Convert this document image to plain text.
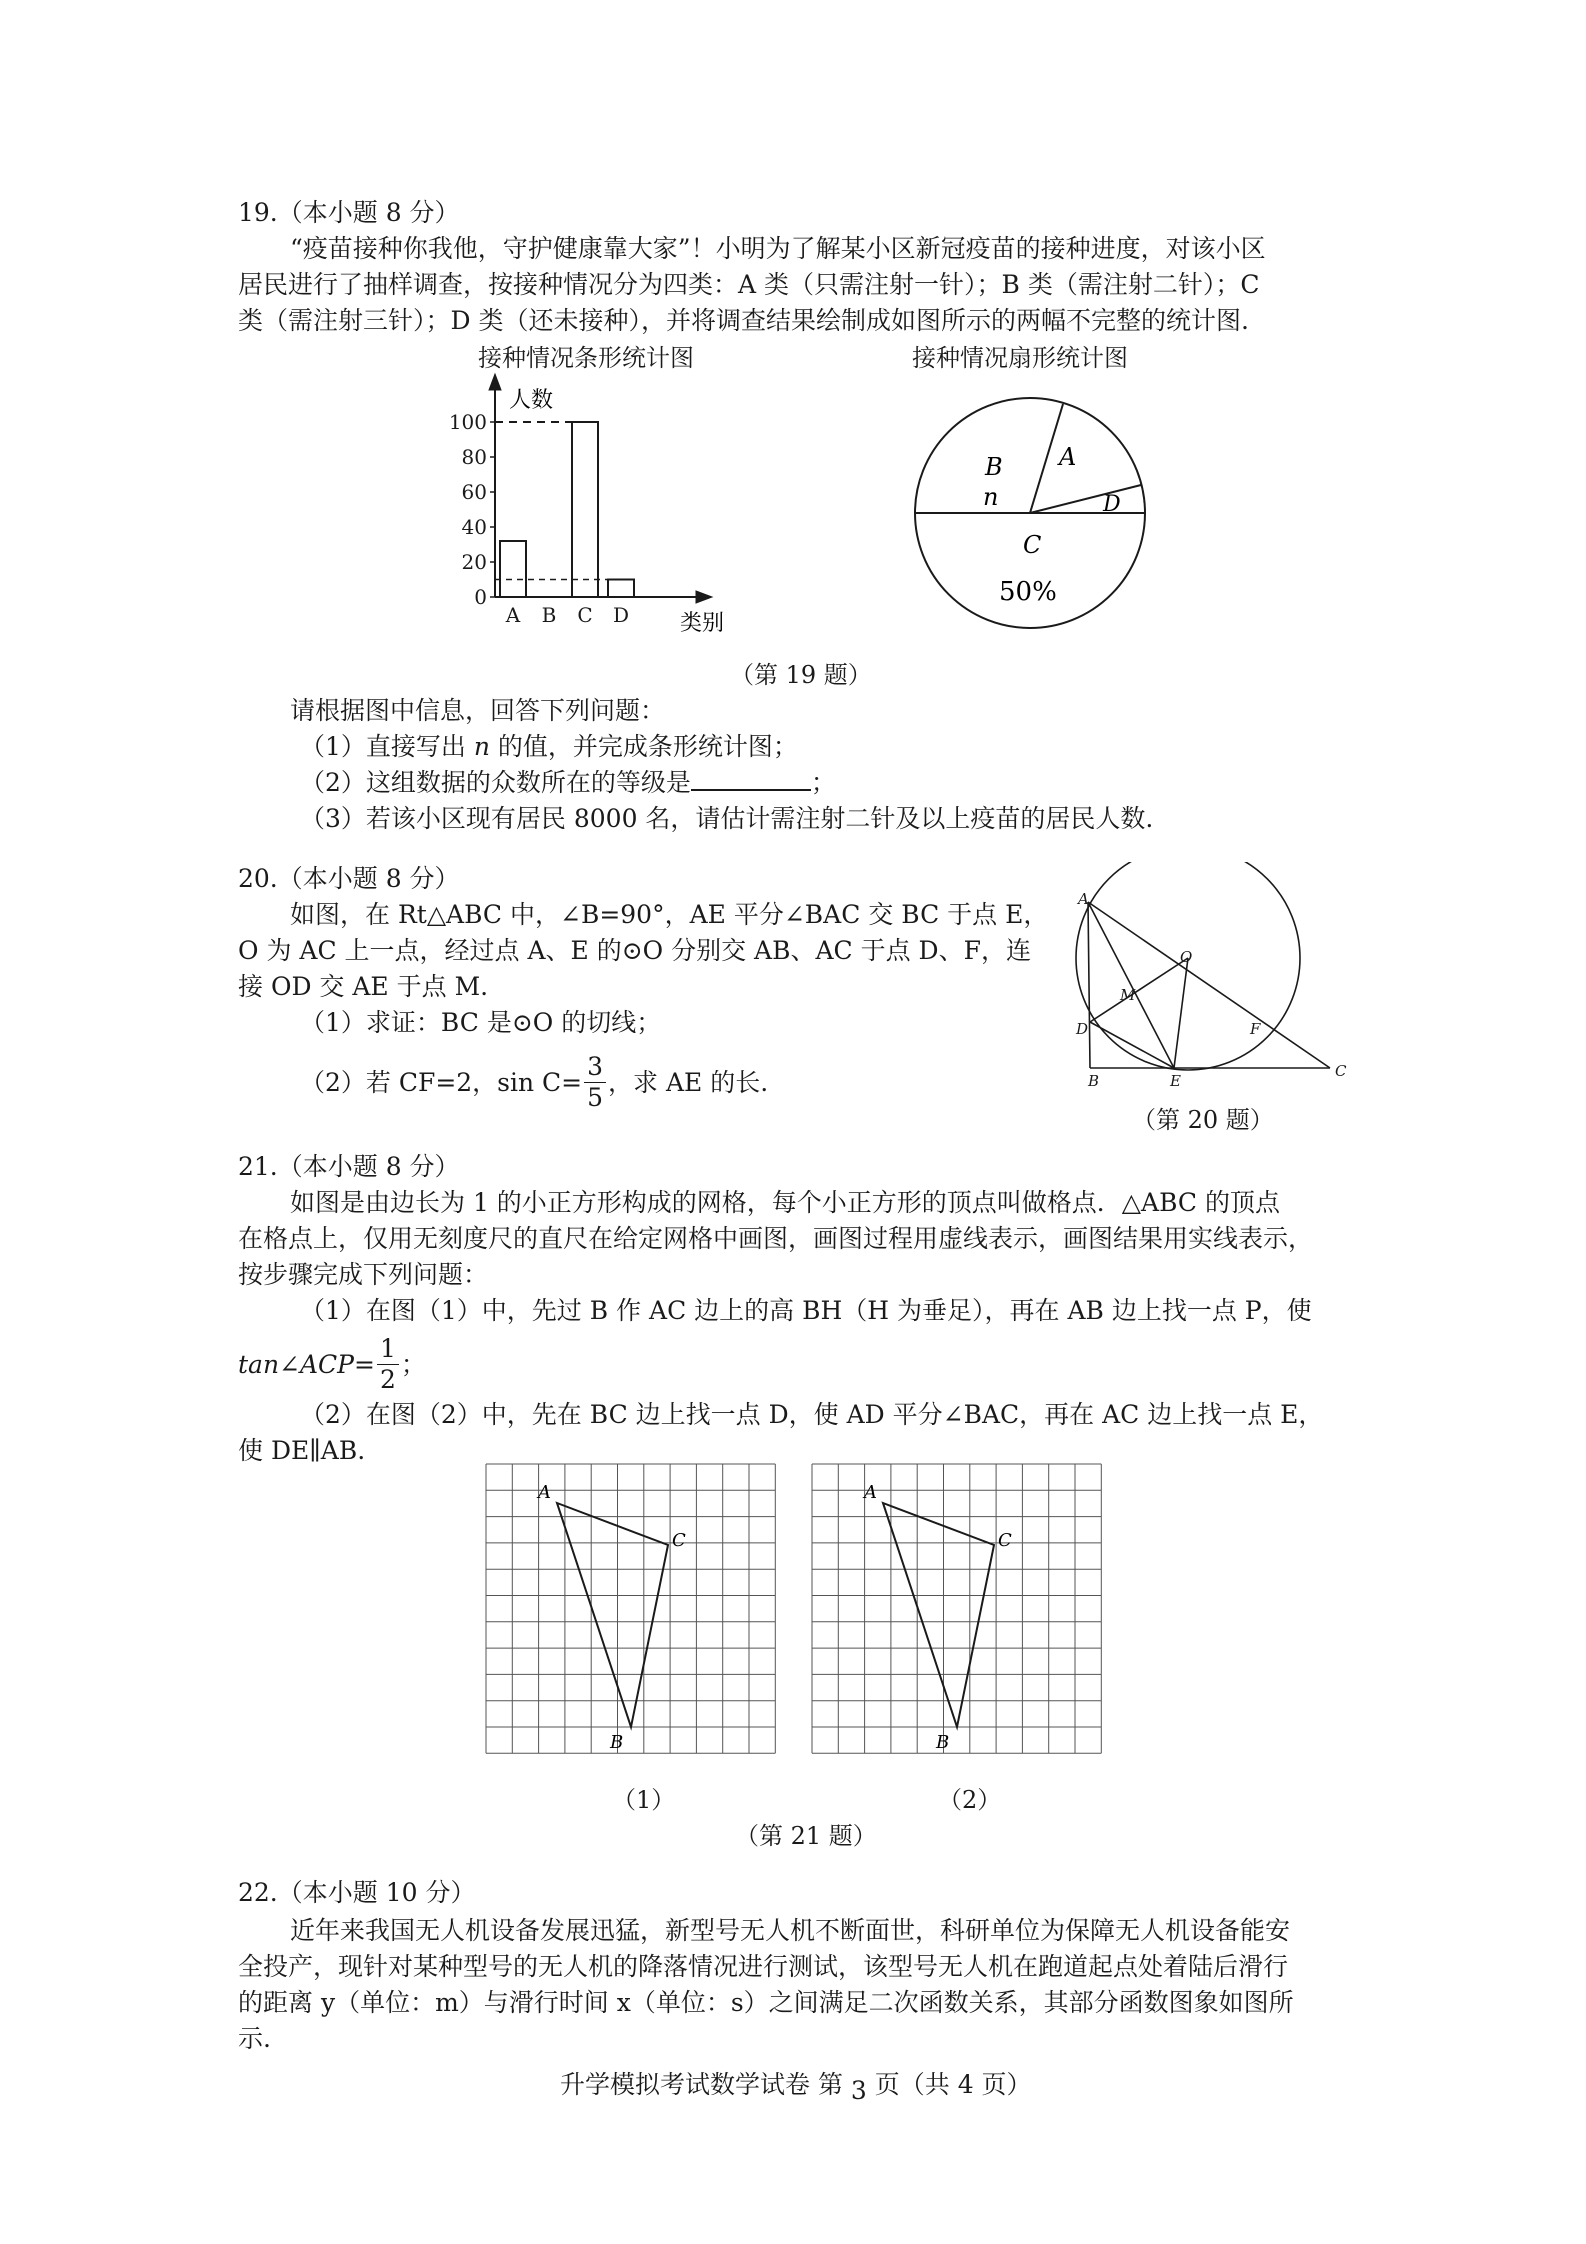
19.（本小题 8 分）
“疫苗接种你我他，守护健康靠大家”！小明为了解某小区新冠疫苗的接种进度，对该小区
居民进行了抽样调查，按接种情况分为四类：A 类（只需注射一针）；B 类（需注射二针）；C
类（需注射三针）；D 类（还未接种），并将调查结果绘制成如图所示的两幅不完整的统计图.
接种情况条形统计图	接种情况扇形统计图
人数
类别
0
20
40
60
80
100
A B C D
B
n
A
D
C
50%
（第 19 题）
请根据图中信息，回答下列问题：
（1）直接写出 n 的值，并完成条形统计图；
（2）这组数据的众数所在的等级是	；
（3）若该小区现有居民 8000 名，请估计需注射二针及以上疫苗的居民人数.
20.（本小题 8 分）
如图，在 Rt△ABC 中，∠B=90°，AE 平分∠BAC 交 BC 于点 E，
O 为 AC 上一点，经过点 A、E 的⊙O 分别交 AB、AC 于点 D、F，连
接 OD 交 AE 于点 M.
（1）求证：BC 是⊙O 的切线；
（2）若 CF=2，$\sin C= \frac{3}{5}$ ，求 AE 的长.
A
O
M
D	F
B	E
C
（第 20 题）
21.（本小题 8 分）
如图是由边长为 1 的小正方形构成的网格，每个小正方形的顶点叫做格点．△ABC 的顶点
在格点上，仅用无刻度尺的直尺在给定网格中画图，画图过程用虚线表示，画图结果用实线表示，
按步骤完成下列问题：
（1）在图（1）中，先过 B 作 AC 边上的高 BH（H 为垂足），再在 AB 边上找一点 P，使
tan∠ACP= $\frac{1}{2}$ ；
（2）在图（2）中，先在 BC 边上找一点 D，使 AD 平分∠BAC，再在 AC 边上找一点 E，
使 DE∥AB.
A
C
B
A
C
B
（1）	（2）
（第 21 题）
22.（本小题 10 分）
近年来我国无人机设备发展迅猛，新型号无人机不断面世，科研单位为保障无人机设备能安
全投产，现针对某种型号的无人机的降落情况进行测试，该型号无人机在跑道起点处着陆后滑行
的距离 y（单位：m）与滑行时间 x（单位：s）之间满足二次函数关系，其部分函数图象如图所
示.
升学模拟考试数学试卷 第 3 页（共 4 页）
